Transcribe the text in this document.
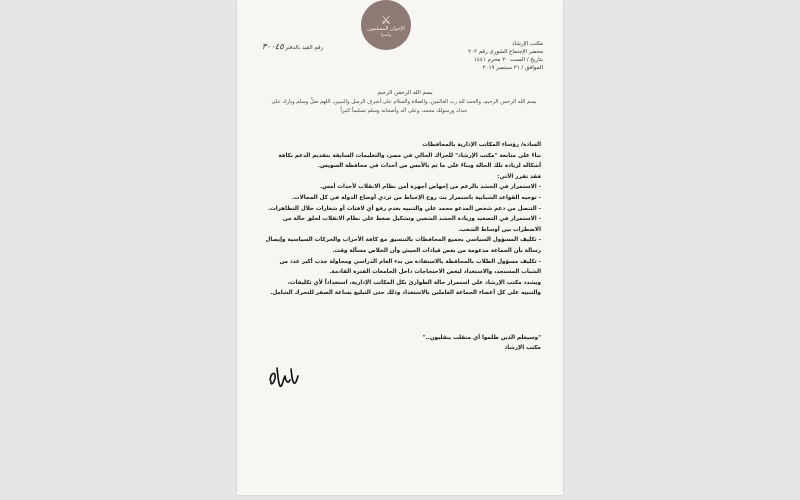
⚔
الإخوان المسلمون
وأعدوا
مكتب الإرشاد
محضر الإجتماع الشورى رقم ٢٠٢
بتاريخ / السبت ٢٠ محرم ١٤٤١
الموافق / ٢١ سبتمبر ٢٠١٩
رقم القيد بالدفتر ٣٠٠٤٥
بسم الله الرحمن الرحيم
بسم الله الرحمن الرحيم، والحمد لله رب العالمين، والصلاة والسلام على أشرف الرسل والنبيين، اللهم صلِّ وسلم وبارك على عبدك ورسولك محمد، وعلى آله وأصحابه وسلم تسليماً كثيراً

السادة/ رؤساء المكاتب الإدارية بالمحافظات

بناءً على متابعة "مكتب الإرشاد" للحراك الحالي في مصر، والتعليمات السابقة بتقديم الدعم بكافة أشكاله لزيادة تلك الحالة وبناءً على ما تم بالأمس من أحداث في محافظة السويس.

فقد تقرر الآتي:

- الاستمرار في الحشد بالرغم من إجهاض أجهزة أمن نظام الانقلاب لأحداث أمس.

- توجيه القواعد الشبابية باستمرار بث روح الإحباط من تردي أوضاع الدولة في كل المجالات.

- التنصل من دعم شخص المدعو محمد علي والتنبيه بعدم رفع أي لافتات أو شعارات خلال التظاهرات.

- الاستمرار في التصعيد وزيادة الحشد الشعبي وتشكيل ضغط على نظام الانقلاب لخلق حالة من الاضطراب بين أوساط الشعب.

- تكليف المسؤول السياسي بجميع المحافظات بالتنسيق مع كافة الأحزاب والحركات السياسية وإيصال رسالة بأن الجماعة مدعومة من بعض قيادات الجيش وأن الخلاص مسألة وقت.

- تكليف مسؤول الطلاب بالمحافظة بالاستفادة من بدء العام الدراسي ومحاولة جذب أكبر عدد من الشباب المستجد، والاستعداد لبعض الاحتجاجات داخل الجامعات الفترة القادمة.

ويشدد مكتب الإرشاد على استمرار حالة الطوارئ بكل المكاتب الإدارية، استعداداً لأي تكليفات،

والتنبيه على كل أعضاء الجماعة العاملين بالاستعداد وذلك حتى التبليغ بساعة الصفر للتحرك الشامل.

"وسيعلم الذين ظلموا أي منقلب ينقلبون.."
مكتب الإرشاد
